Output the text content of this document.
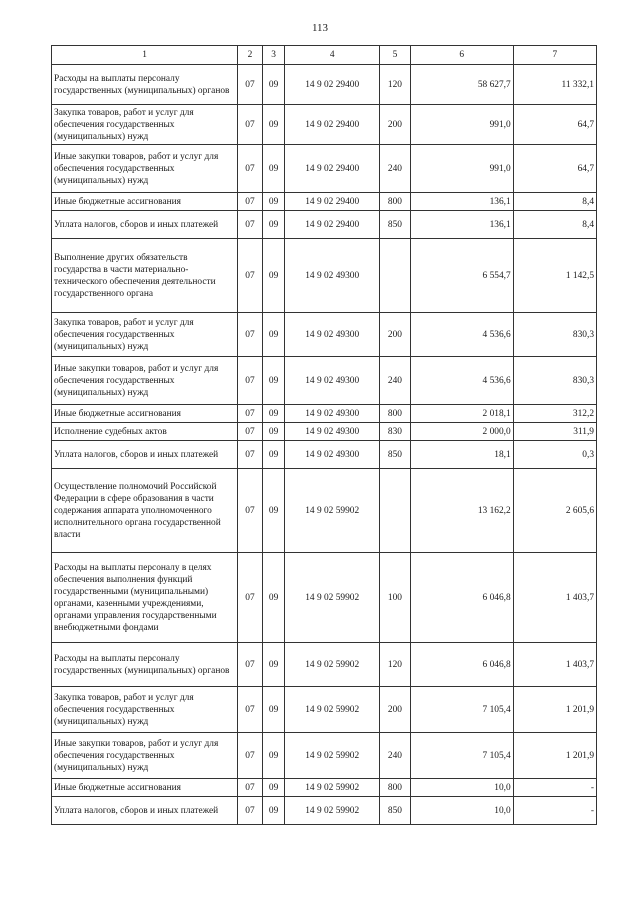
113
1	2	3	4	5	6	7
Расходы на выплаты персоналу государственных (муниципальных) органов	07	09	14 9 02 29400	120	58 627,7	11 332,1
Закупка товаров, работ и услуг для обеспечения государственных (муниципальных) нужд	07	09	14 9 02 29400	200	991,0	64,7
Иные закупки товаров, работ и услуг для обеспечения государственных (муниципальных) нужд	07	09	14 9 02 29400	240	991,0	64,7
Иные бюджетные ассигнования	07	09	14 9 02 29400	800	136,1	8,4
Уплата налогов, сборов и иных платежей	07	09	14 9 02 29400	850	136,1	8,4
Выполнение других обязательств государства в части материально-технического обеспечения деятельности государственного органа	07	09	14 9 02 49300		6 554,7	1 142,5
Закупка товаров, работ и услуг для обеспечения государственных (муниципальных) нужд	07	09	14 9 02 49300	200	4 536,6	830,3
Иные закупки товаров, работ и услуг для обеспечения государственных (муниципальных) нужд	07	09	14 9 02 49300	240	4 536,6	830,3
Иные бюджетные ассигнования	07	09	14 9 02 49300	800	2 018,1	312,2
Исполнение судебных актов	07	09	14 9 02 49300	830	2 000,0	311,9
Уплата налогов, сборов и иных платежей	07	09	14 9 02 49300	850	18,1	0,3
Осуществление полномочий Российской Федерации в сфере образования в части содержания аппарата уполномоченного исполнительного органа государственной власти	07	09	14 9 02 59902		13 162,2	2 605,6
Расходы на выплаты персоналу в целях обеспечения выполнения функций государственными (муниципальными) органами, казенными учреждениями, органами управления государственными внебюджетными фондами	07	09	14 9 02 59902	100	6 046,8	1 403,7
Расходы на выплаты персоналу государственных (муниципальных) органов	07	09	14 9 02 59902	120	6 046,8	1 403,7
Закупка товаров, работ и услуг для обеспечения государственных (муниципальных) нужд	07	09	14 9 02 59902	200	7 105,4	1 201,9
Иные закупки товаров, работ и услуг для обеспечения государственных (муниципальных) нужд	07	09	14 9 02 59902	240	7 105,4	1 201,9
Иные бюджетные ассигнования	07	09	14 9 02 59902	800	10,0	-
Уплата налогов, сборов и иных платежей	07	09	14 9 02 59902	850	10,0	-
